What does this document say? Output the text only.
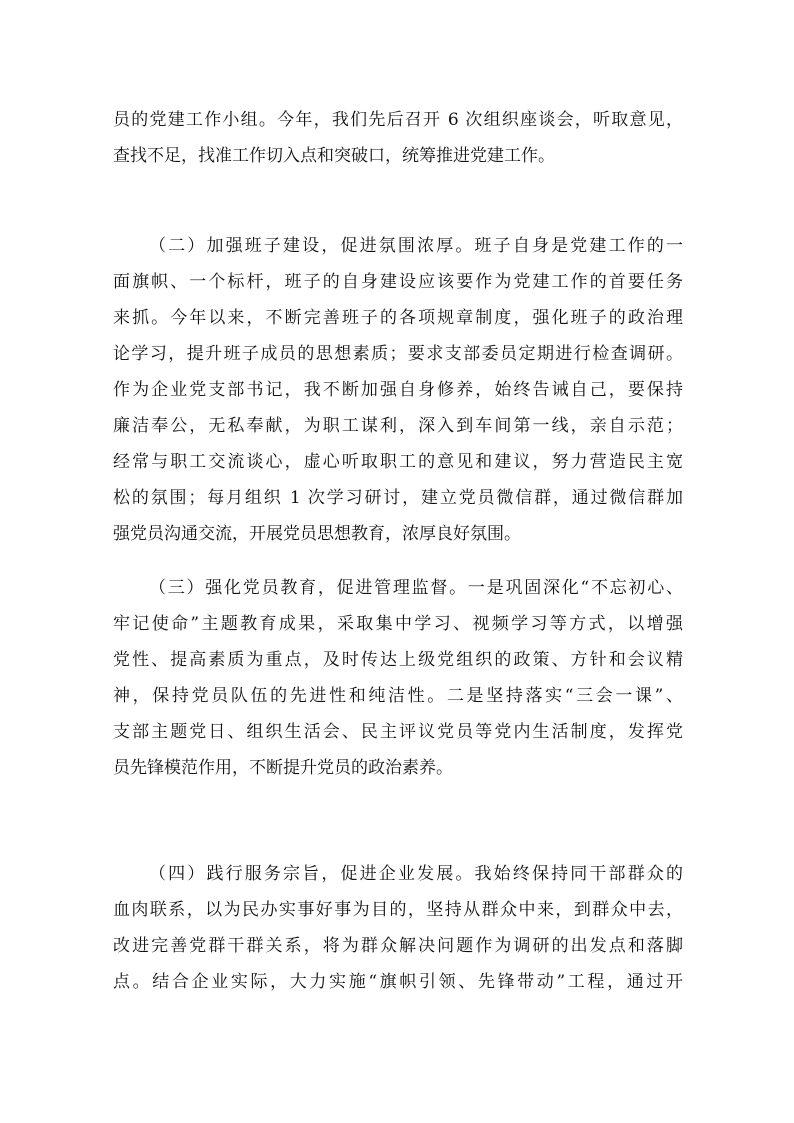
员的党建工作小组。今年，我们先后召开 6 次组织座谈会，听取意见，
查找不足，找准工作切入点和突破口，统筹推进党建工作。
（二）加强班子建设，促进氛围浓厚。班子自身是党建工作的一
面旗帜、一个标杆，班子的自身建设应该要作为党建工作的首要任务
来抓。今年以来，不断完善班子的各项规章制度，强化班子的政治理
论学习，提升班子成员的思想素质；要求支部委员定期进行检查调研。
作为企业党支部书记，我不断加强自身修养，始终告诫自己，要保持
廉洁奉公，无私奉献，为职工谋利，深入到车间第一线，亲自示范；
经常与职工交流谈心，虚心听取职工的意见和建议，努力营造民主宽
松的氛围；每月组织 1 次学习研讨，建立党员微信群，通过微信群加
强党员沟通交流，开展党员思想教育，浓厚良好氛围。
（三）强化党员教育，促进管理监督。一是巩固深化“不忘初心、
牢记使命”主题教育成果，采取集中学习、视频学习等方式，以增强
党性、提高素质为重点，及时传达上级党组织的政策、方针和会议精
神，保持党员队伍的先进性和纯洁性。二是坚持落实“三会一课”、
支部主题党日、组织生活会、民主评议党员等党内生活制度，发挥党
员先锋模范作用，不断提升党员的政治素养。
（四）践行服务宗旨，促进企业发展。我始终保持同干部群众的
血肉联系，以为民办实事好事为目的，坚持从群众中来，到群众中去，
改进完善党群干群关系，将为群众解决问题作为调研的出发点和落脚
点。结合企业实际，大力实施“旗帜引领、先锋带动”工程，通过开
